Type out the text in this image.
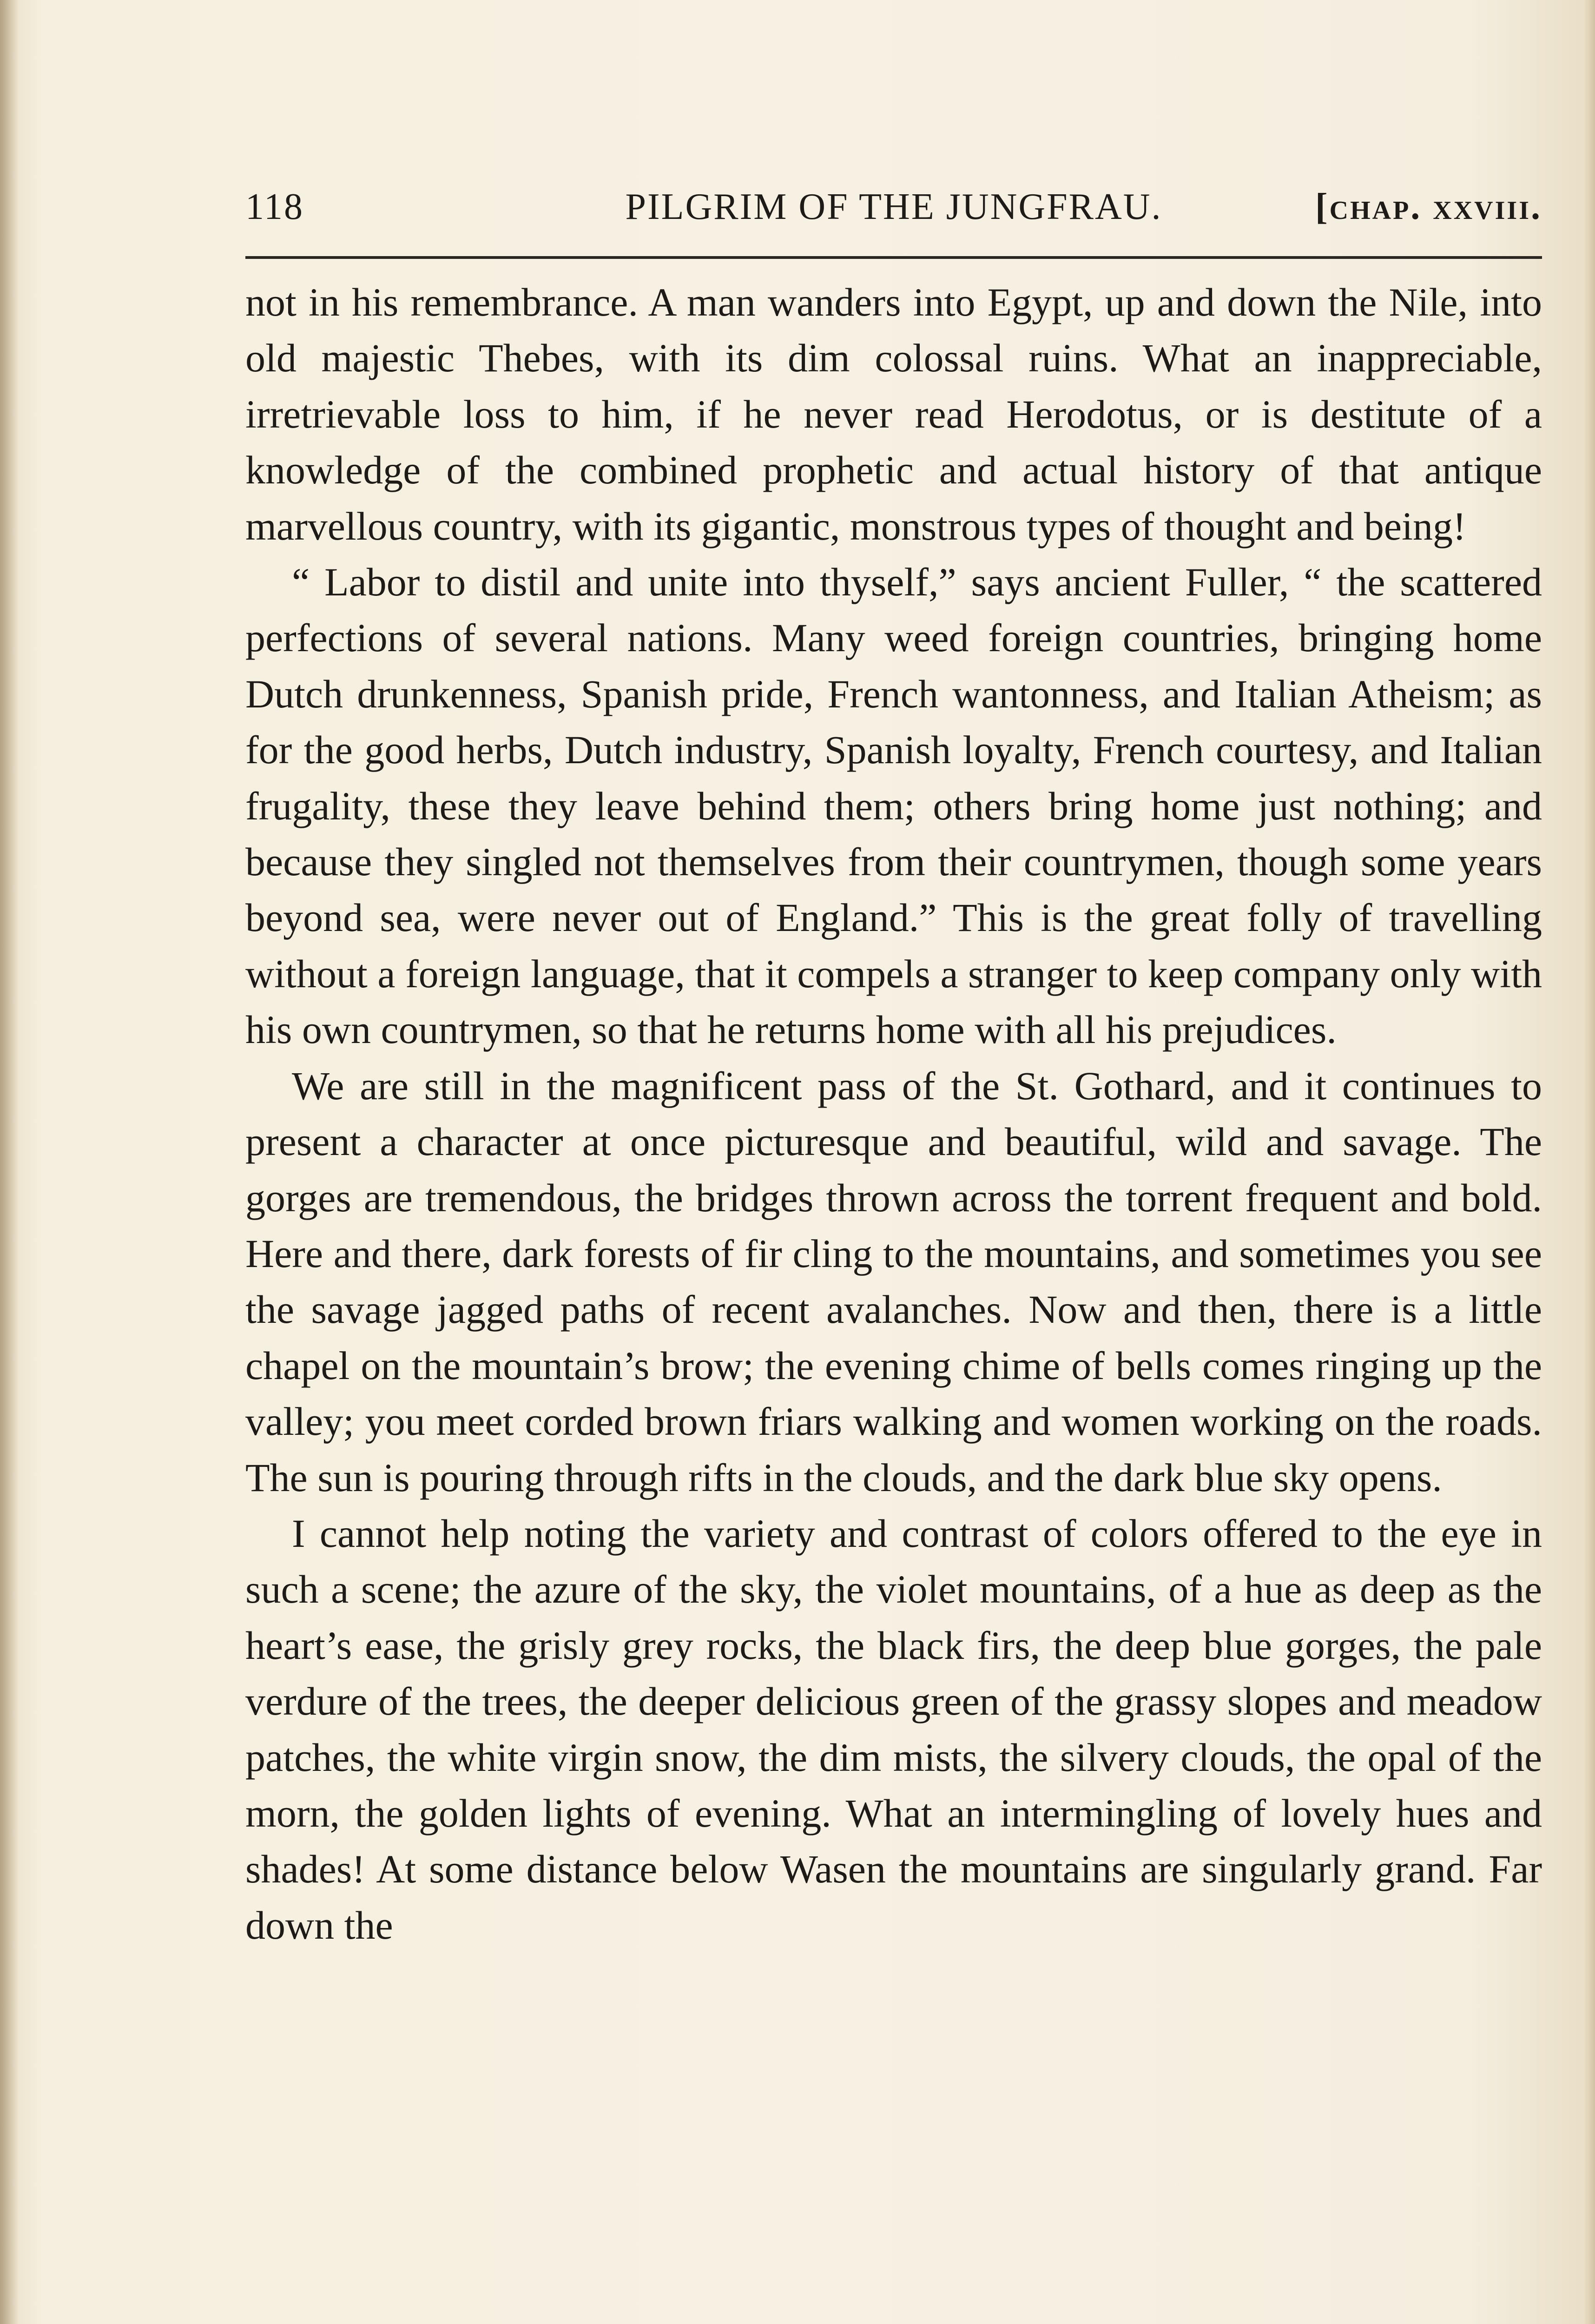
118	PILGRIM OF THE JUNGFRAU.	[chap. xxviii.

not in his remembrance. A man wanders into Egypt, up and down the Nile, into old majestic Thebes, with its dim colossal ruins. What an inappreciable, irretrievable loss to him, if he never read Herodotus, or is destitute of a knowledge of the combined prophetic and actual history of that antique marvellous country, with its gigantic, monstrous types of thought and being!

“ Labor to distil and unite into thyself,” says ancient Fuller, “ the scattered perfections of several nations. Many weed foreign countries, bringing home Dutch drunkenness, Spanish pride, French wantonness, and Italian Atheism; as for the good herbs, Dutch industry, Spanish loyalty, French courtesy, and Italian frugality, these they leave behind them; others bring home just nothing; and because they singled not themselves from their countrymen, though some years beyond sea, were never out of England.” This is the great folly of travelling without a foreign language, that it compels a stranger to keep company only with his own countrymen, so that he returns home with all his prejudices.

We are still in the magnificent pass of the St. Gothard, and it continues to present a character at once picturesque and beautiful, wild and savage. The gorges are tremendous, the bridges thrown across the torrent frequent and bold. Here and there, dark forests of fir cling to the mountains, and sometimes you see the savage jagged paths of recent avalanches. Now and then, there is a little chapel on the mountain’s brow; the evening chime of bells comes ringing up the valley; you meet corded brown friars walking and women working on the roads. The sun is pouring through rifts in the clouds, and the dark blue sky opens.

I cannot help noting the variety and contrast of colors offered to the eye in such a scene; the azure of the sky, the violet mountains, of a hue as deep as the heart’s ease, the grisly grey rocks, the black firs, the deep blue gorges, the pale verdure of the trees, the deeper delicious green of the grassy slopes and meadow patches, the white virgin snow, the dim mists, the silvery clouds, the opal of the morn, the golden lights of evening. What an intermingling of lovely hues and shades! At some distance below Wasen the mountains are singularly grand. Far down the
